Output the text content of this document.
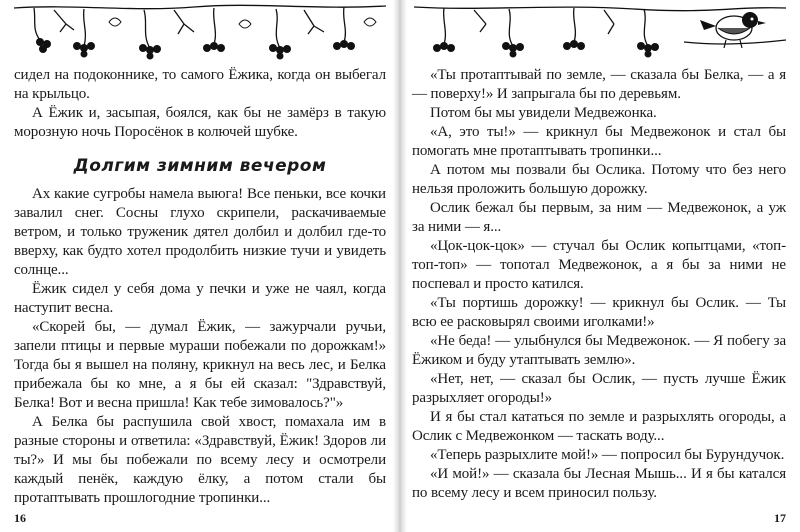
сидел на подоконнике, то самого Ёжика, когда он выбегал на крыльцо.

А Ёжик и, засыпая, боялся, как бы не замёрз в такую морозную ночь Поросёнок в колючей шубке.

Долгим зимним вечером

Ах какие сугробы намела выюга! Все пеньки, все кочки завалил снег. Сосны глухо скрипели, раскачиваемые ветром, и только труженик дятел долбил и долбил где-то вверху, как будто хотел продолбить низкие тучи и увидеть солнце...

Ёжик сидел у себя дома у печки и уже не чаял, когда наступит весна.

«Скорей бы, — думал Ёжик, — зажурчали ручьи, запели птицы и первые мураши побежали по дорожкам!» Тогда бы я вышел на поляну, крикнул на весь лес, и Белка прибежала бы ко мне, а я бы ей сказал: "Здравствуй, Белка! Вот и весна пришла! Как тебе зимовалось?"»

А Белка бы распушила свой хвост, помахала им в разные стороны и ответила: «Здравствуй, Ёжик! Здоров ли ты?» И мы бы побежали по всему лесу и осмотрели каждый пенёк, каждую ёлку, а потом стали бы протаптывать прошлогодние тропинки...

16

«Ты протаптывай по земле, — сказала бы Белка, — а я — поверху!» И запрыгала бы по деревьям.

Потом бы мы увидели Медвежонка.

«А, это ты!» — крикнул бы Медвежонок и стал бы помогать мне протаптывать тропинки...

А потом мы позвали бы Ослика. Потому что без него нельзя проложить большую дорожку.

Ослик бежал бы первым, за ним — Медвежонок, а уж за ними — я...

«Цок-цок-цок» — стучал бы Ослик копытцами, «топ-топ-топ» — топотал Медвежонок, а я бы за ними не поспевал и просто катился.

«Ты портишь дорожку! — крикнул бы Ослик. — Ты всю ее расковырял своими иголками!»

«Не беда! — улыбнулся бы Медвежонок. — Я побегу за Ёжиком и буду утаптывать землю».

«Нет, нет, — сказал бы Ослик, — пусть лучше Ёжик разрыхляет огороды!»

И я бы стал кататься по земле и разрыхлять огороды, а Ослик с Медвежонком — таскать воду...

«Теперь разрыхлите мой!» — попросил бы Бурундучок.

«И мой!» — сказала бы Лесная Мышь... И я бы катался по всему лесу и всем приносил пользу.

17
